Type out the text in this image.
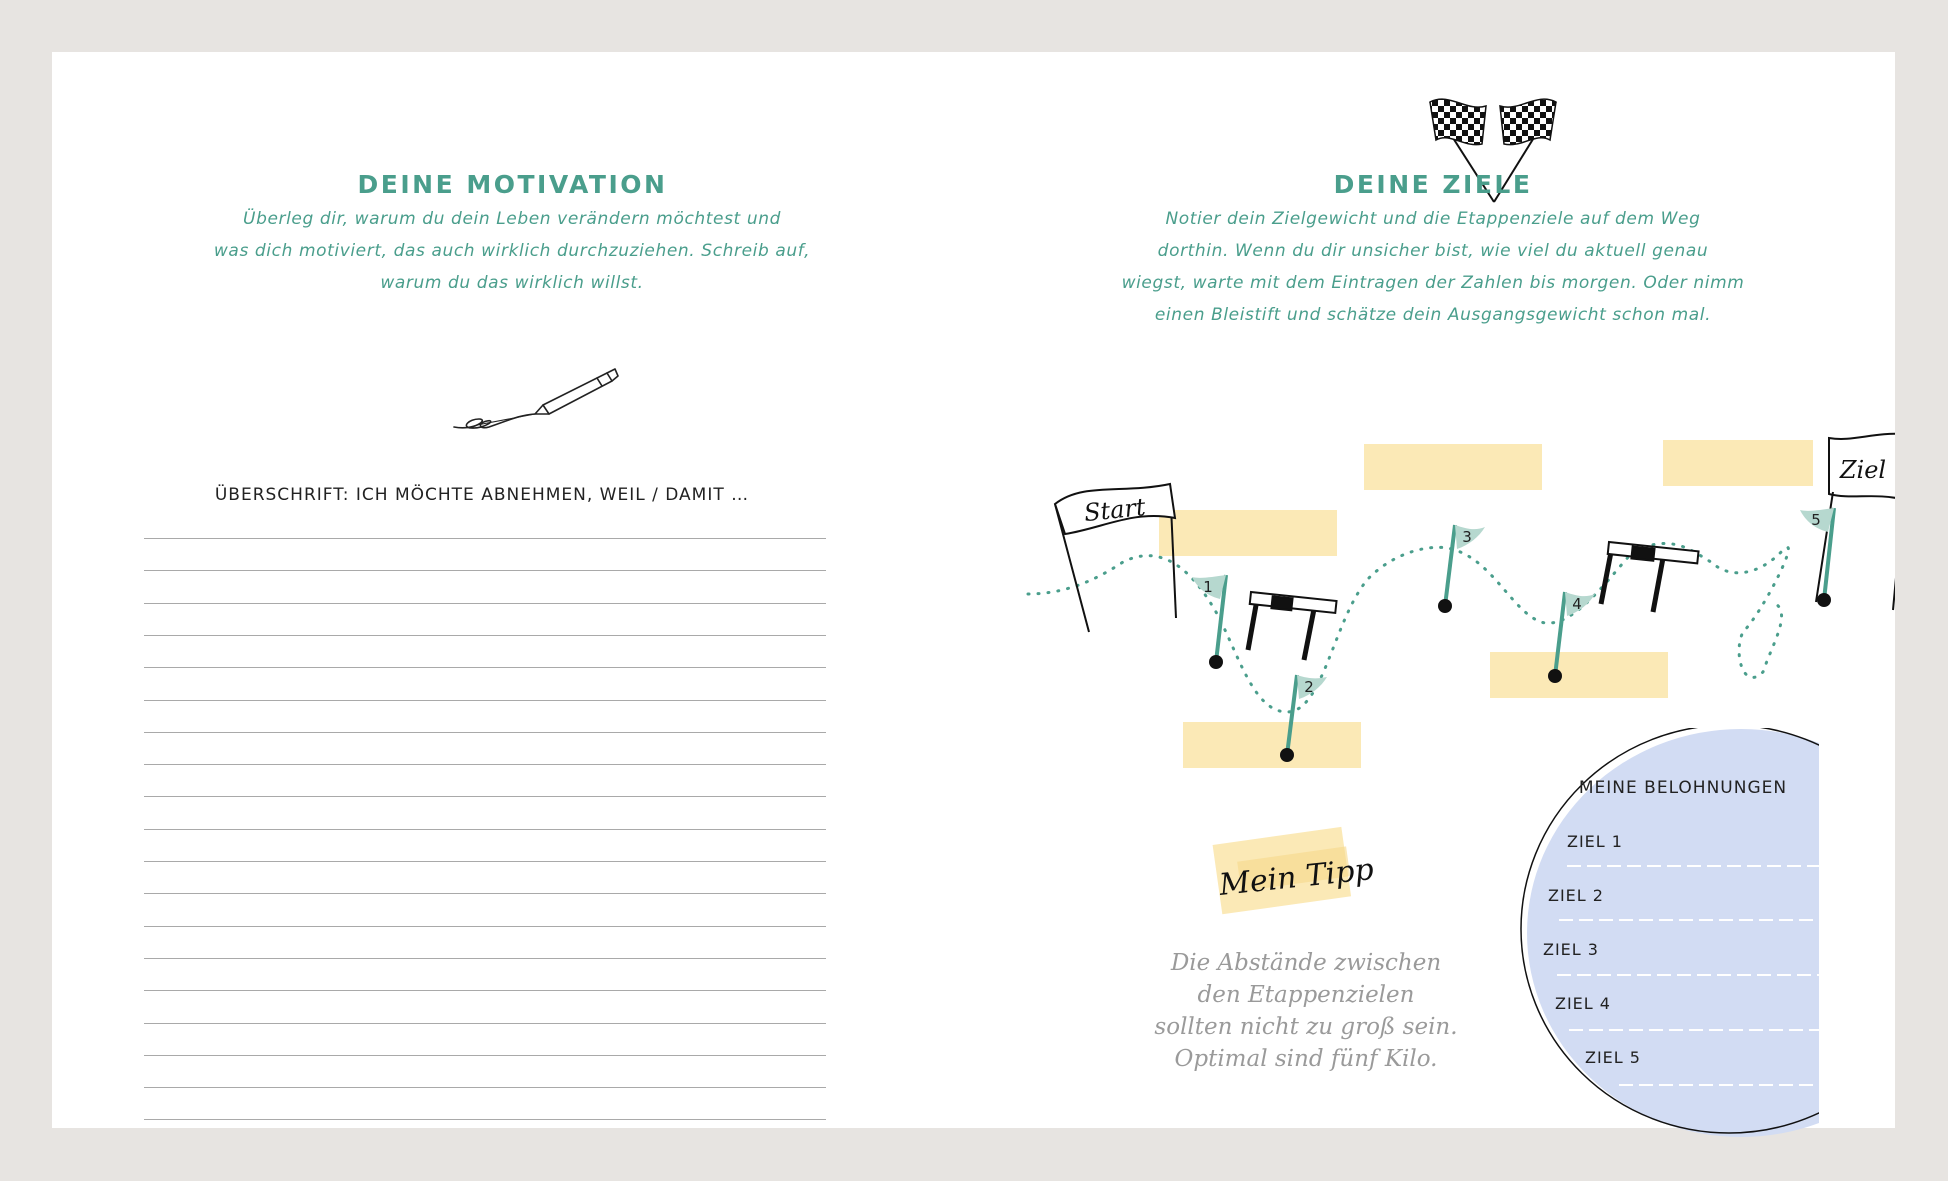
DEINE MOTIVATION
Überleg dir, warum du dein Leben verändern möchtest und
was dich motiviert, das auch wirklich durchzuziehen. Schreib auf,
warum du das wirklich willst.
ÜBERSCHRIFT: ICH MÖCHTE ABNEHMEN, WEIL / DAMIT …
DEINE ZIELE
Notier dein Zielgewicht und die Etappenziele auf dem Weg
dorthin. Wenn du dir unsicher bist, wie viel du aktuell genau
wiegst, warte mit dem Eintragen der Zahlen bis morgen. Oder nimm
einen Bleistift und schätze dein Ausgangsgewicht schon mal.
Start
Ziel
1
2
3
4
5
Mein Tipp
Die Abstände zwischen
den Etappenzielen
sollten nicht zu groß sein.
Optimal sind fünf Kilo.
MEINE BELOHNUNGEN
ZIEL 1
ZIEL 2
ZIEL 3
ZIEL 4
ZIEL 5
